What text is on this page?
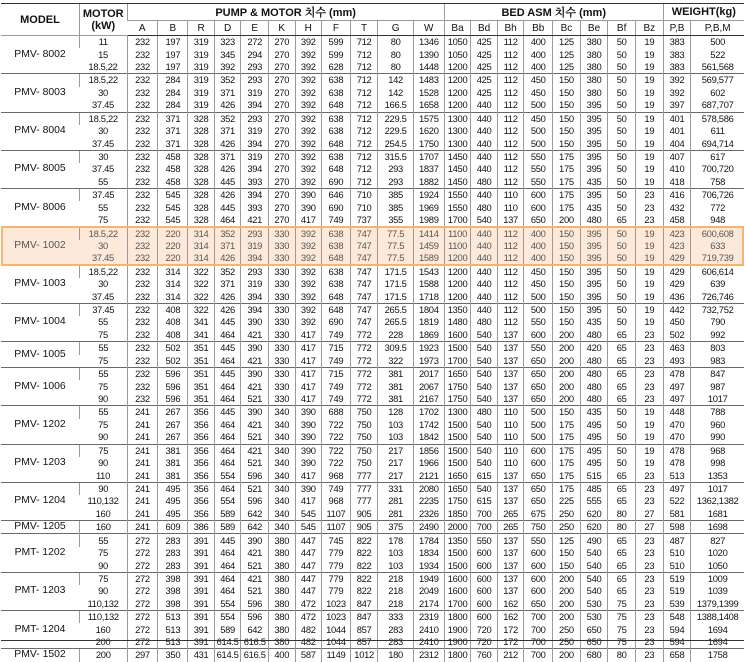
MODEL	MOTOR
(kW)	PUMP & MOTOR 치수 (mm)											BED ASM 치수 (mm)								WEIGHT(kg)	
		A	B	R	D	E	K	H	F	T	G	W	Ba	Bd	Bh	Bb	Bc	Be	Bf	Bz	P,B	P,B,M
PMV- 8002	11	232	197	319	323	272	270	392	599	712	80	1346	1050	425	112	400	125	380	50	19	383	500
	15	232	197	319	345	294	270	392	599	712	80	1390	1050	425	112	400	125	380	50	19	383	522
	18.5,22	232	197	319	392	293	270	392	628	712	80	1448	1200	425	112	400	125	380	50	19	383	561,568
PMV- 8003	18.5,22	232	284	319	352	293	270	392	638	712	142	1483	1200	425	112	450	150	380	50	19	392	569,577
	30	232	284	319	371	319	270	392	638	712	142	1528	1200	425	112	450	150	380	50	19	392	602
	37.45	232	284	319	426	394	270	392	648	712	166.5	1658	1200	440	112	500	150	395	50	19	397	687,707
PMV- 8004	18.5,22	232	371	328	352	293	270	392	638	712	229.5	1575	1300	440	112	450	150	395	50	19	401	578,586
	30	232	371	328	371	319	270	392	638	712	229.5	1620	1300	440	112	500	150	395	50	19	401	611
	37.45	232	371	328	426	394	270	392	648	712	254.5	1750	1300	440	112	500	150	395	50	19	404	694,714
PMV- 8005	30	232	458	328	371	319	270	392	638	712	315.5	1707	1450	440	112	550	175	395	50	19	407	617
	37.45	232	458	328	426	394	270	392	648	712	293	1837	1450	440	112	550	175	395	50	19	410	700,720
	55	232	458	328	445	393	270	392	690	712	293	1882	1450	480	112	550	175	435	50	19	418	758
PMV- 8006	37.45	232	545	328	426	394	270	390	646	710	385	1924	1550	440	110	600	175	395	50	23	416	706,726
	55	232	545	328	445	393	270	390	690	710	385	1969	1550	480	110	600	175	435	50	23	432	772
	75	232	545	328	464	421	270	417	749	737	355	1989	1700	540	137	650	200	480	65	23	458	948
PMV- 1002	18.5,22	232	220	314	352	293	330	392	638	747	77.5	1414	1100	440	112	400	150	395	50	19	423	600,608
	30	232	220	314	371	319	330	392	638	747	77.5	1459	1100	440	112	400	150	395	50	19	423	633
	37.45	232	220	314	426	394	330	392	648	747	77.5	1589	1200	440	112	400	150	395	50	19	429	719,739
PMV- 1003	18.5,22	232	314	322	352	293	330	392	638	747	171.5	1543	1200	440	112	450	150	395	50	19	429	606,614
	30	232	314	322	371	319	330	392	638	747	171.5	1588	1200	440	112	450	150	395	50	19	429	639
	37.45	232	314	322	426	394	330	392	648	747	171.5	1718	1200	440	112	500	150	395	50	19	436	726,746
PMV- 1004	37.45	232	408	322	426	394	330	392	648	747	265.5	1804	1350	440	112	500	150	395	50	19	442	732,752
	55	232	408	341	445	390	330	392	690	747	265.5	1819	1480	480	112	550	150	435	50	19	450	790
	75	232	408	341	464	421	330	417	749	772	228	1869	1600	540	137	600	200	480	65	23	502	992
PMV- 1005	55	232	502	351	445	390	330	417	715	772	309.5	1923	1500	540	137	550	200	420	65	23	463	803
	75	232	502	351	464	421	330	417	749	772	322	1973	1700	540	137	650	200	480	65	23	493	983
PMV- 1006	55	232	596	351	445	390	330	417	715	772	381	2017	1650	540	137	650	200	480	65	23	478	847
	75	232	596	351	464	421	330	417	749	772	381	2067	1750	540	137	650	200	480	65	23	497	987
	90	232	596	351	464	521	330	417	749	772	381	2167	1750	540	137	650	200	480	65	23	497	1017
PMV- 1202	55	241	267	356	445	390	340	390	688	750	128	1702	1300	480	110	500	150	435	50	19	448	788
	75	241	267	356	464	421	340	390	722	750	103	1742	1500	540	110	500	175	495	50	19	470	960
	90	241	267	356	464	521	340	390	722	750	103	1842	1500	540	110	500	175	495	50	19	470	990
PMV- 1203	75	241	381	356	464	421	340	390	722	750	217	1856	1500	540	110	600	175	495	50	19	478	968
	90	241	381	356	464	521	340	390	722	750	217	1966	1500	540	110	600	175	495	50	19	478	998
	110	241	381	356	554	596	340	417	968	777	217	2121	1650	615	137	650	175	515	65	23	513	1353
PMV- 1204	90	241	495	356	464	521	340	390	749	777	331	2080	1650	540	137	650	175	485	65	23	497	1017
	110,132	241	495	356	554	596	340	417	968	777	281	2235	1750	615	137	650	225	555	65	23	522	1362,1382
	160	241	495	356	589	642	340	545	1107	905	281	2326	1850	700	265	675	250	620	80	27	581	1681
PMV- 1205	160	241	609	386	589	642	340	545	1107	905	375	2490	2000	700	265	750	250	620	80	27	598	1698
PMT- 1202	55	272	283	391	445	390	380	447	745	822	178	1784	1350	550	137	550	125	490	65	23	487	827
	75	272	283	391	464	421	380	447	779	822	103	1834	1500	600	137	600	150	540	65	23	510	1020
	90	272	283	391	464	521	380	447	779	822	103	1934	1500	600	137	600	150	540	65	23	510	1050
PMT- 1203	75	272	398	391	464	421	380	447	779	822	218	1949	1600	600	137	600	200	540	65	23	519	1009
	90	272	398	391	464	521	380	447	779	822	218	2049	1600	600	137	600	200	540	65	23	519	1039
	110,132	272	398	391	554	596	380	472	1023	847	218	2174	1700	600	162	650	200	530	75	23	539	1379,1399
PMT- 1204	110,132	272	513	391	554	596	380	472	1023	847	333	2319	1800	600	162	700	200	530	75	23	548	1388,1408
	160	272	513	391	589	642	380	482	1044	857	283	2410	1900	720	172	700	250	650	75	23	594	1694
	200	272	513	391	614.5	616.5	380	482	1044	857	283	2410	1900	720	172	700	250	650	75	23	594	1694
PMV- 1502	200	297	350	431	614.5	616.5	400	587	1149	1012	180	2312	1800	760	212	700	200	680	80	23	658	1758
